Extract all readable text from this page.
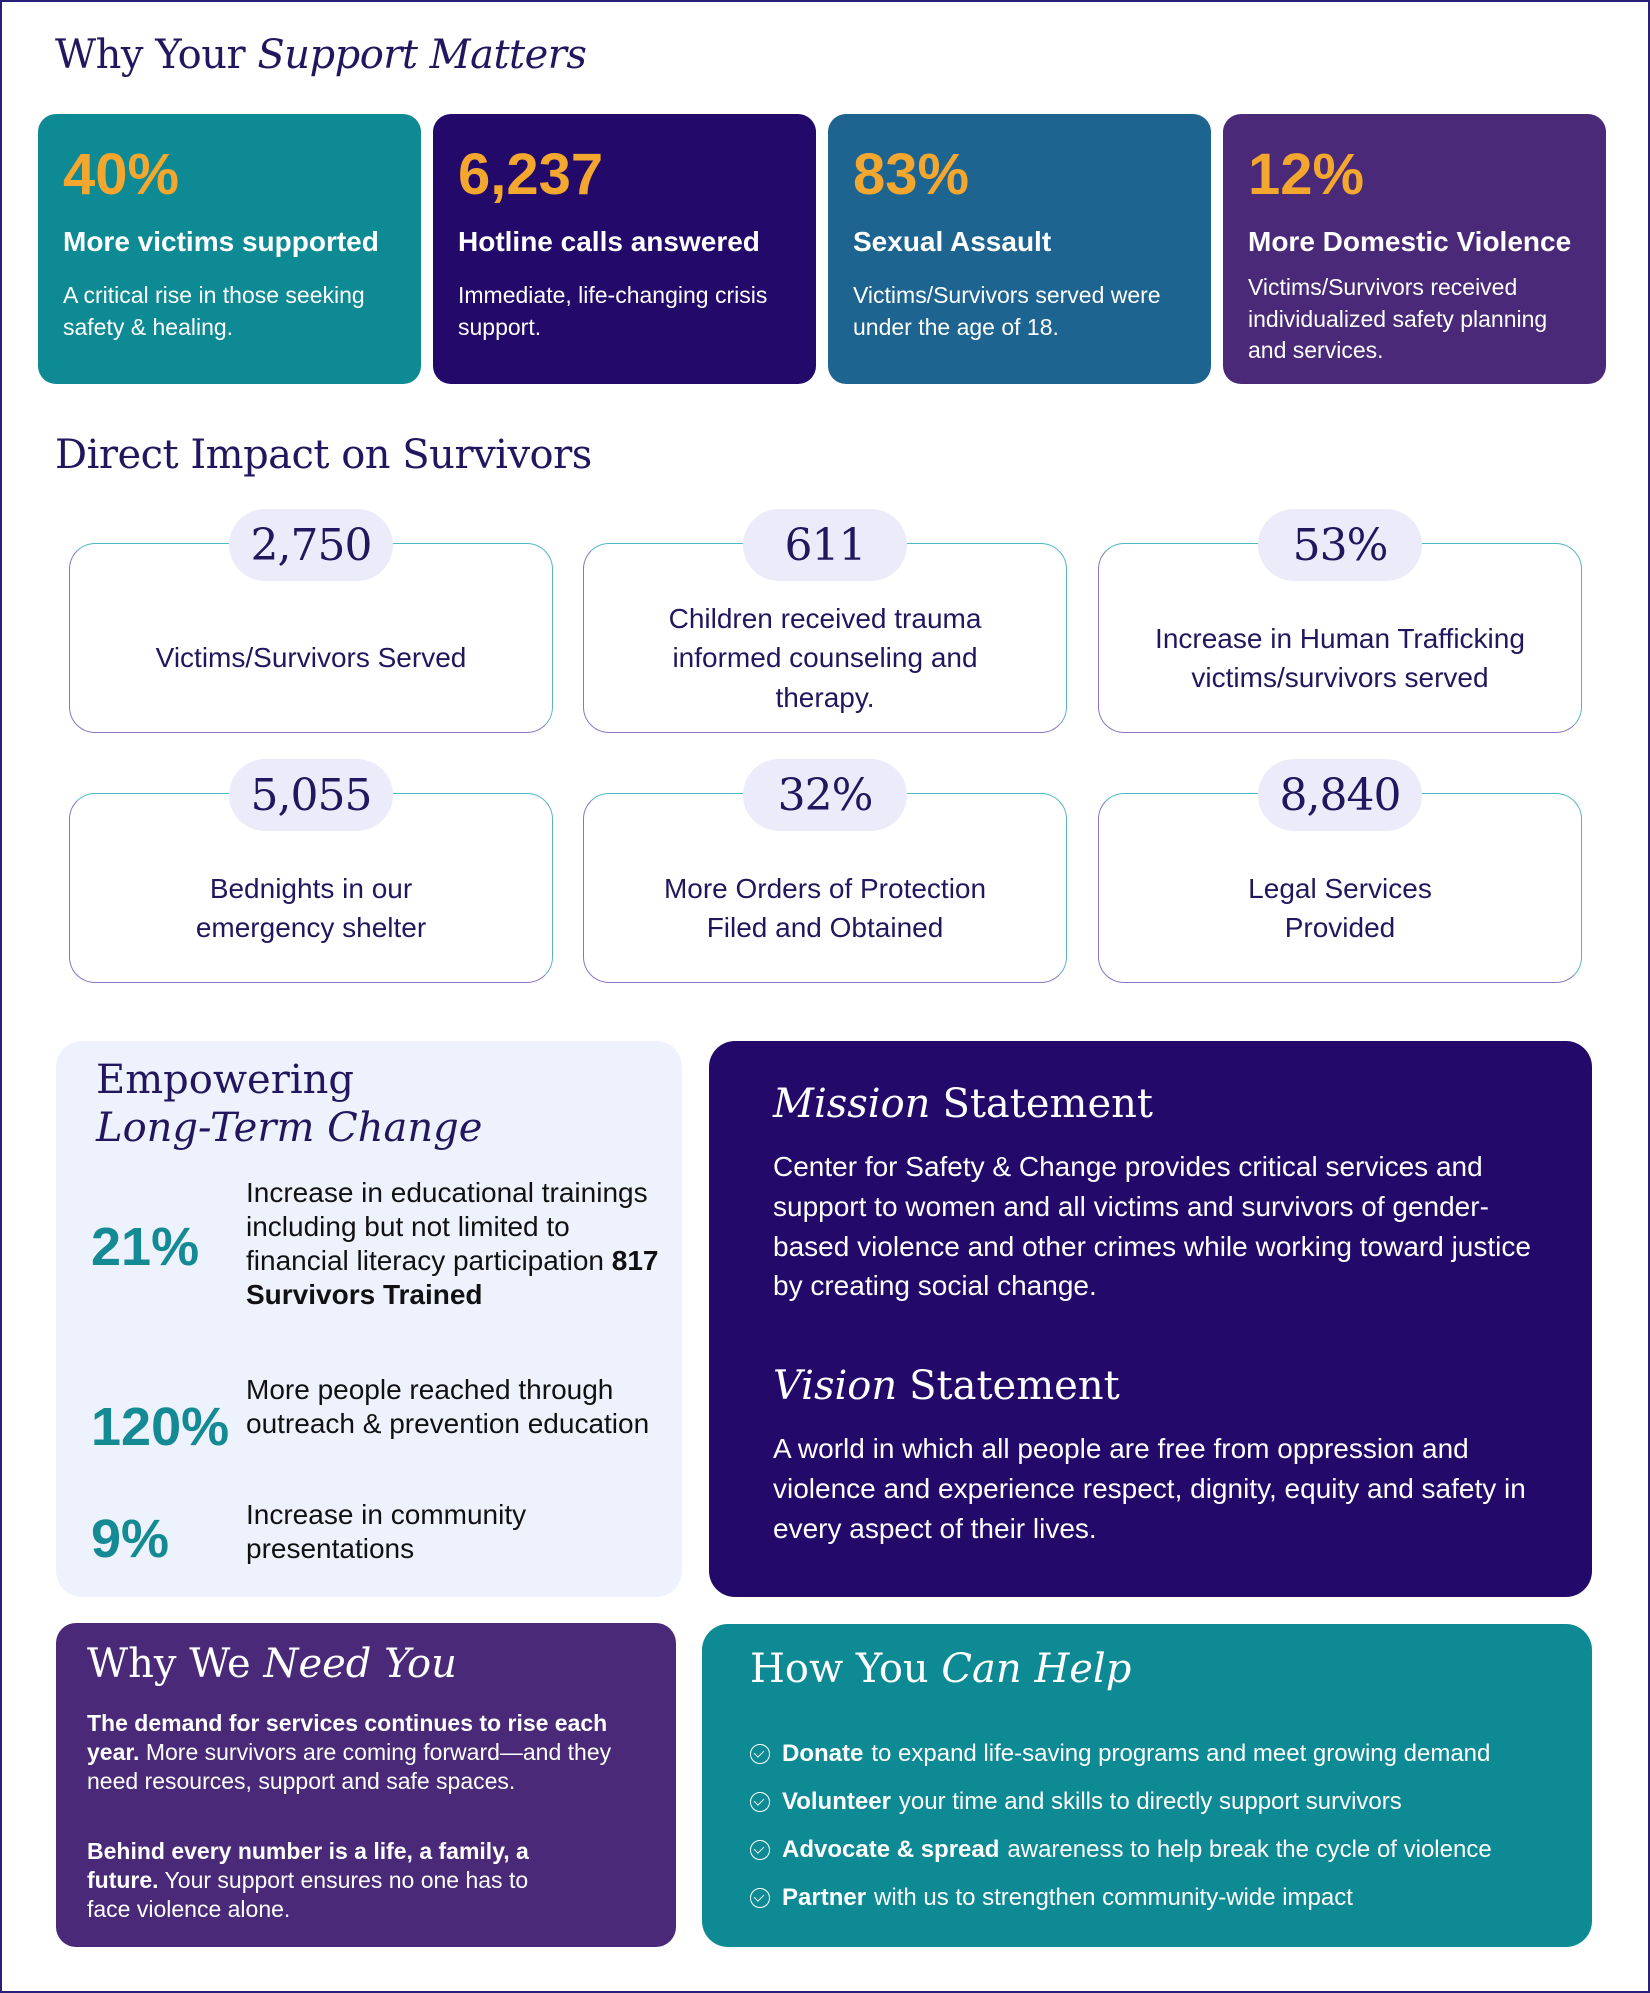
Why Your Support Matters
40%
More victims supported
A critical rise in those seeking safety & healing.
6,237
Hotline calls answered
Immediate, life-changing crisis support.
83%
Sexual Assault
Victims/Survivors served were under the age of 18.
12%
More Domestic Violence
Victims/Survivors received individualized safety planning and services.
Direct Impact on Survivors
2,750
Victims/Survivors Served
611
Children received trauma informed counseling and therapy.
53%
Increase in Human Trafficking victims/survivors served
5,055
Bednights in our emergency shelter
32%
More Orders of Protection Filed and Obtained
8,840
Legal Services Provided
Empowering
Long-Term Change
21%
Increase in educational trainings including but not limited to financial literacy participation 817 Survivors Trained
120%
More people reached through outreach & prevention education
9%	Increase in community presentations
Mission Statement

Center for Safety & Change provides critical services and support to women and all victims and survivors of gender-based violence and other crimes while working toward justice by creating social change.

Vision Statement

A world in which all people are free from oppression and violence and experience respect, dignity, equity and safety in every aspect of their lives.

Why We Need You

The demand for services continues to rise each year. More survivors are coming forward—and they need resources, support and safe spaces.

Behind every number is a life, a family, a future. Your support ensures no one has to face violence alone.

How You Can Help
Donate to expand life-saving programs and meet growing demand
Volunteer your time and skills to directly support survivors
Advocate & spread awareness to help break the cycle of violence
Partner with us to strengthen community-wide impact
